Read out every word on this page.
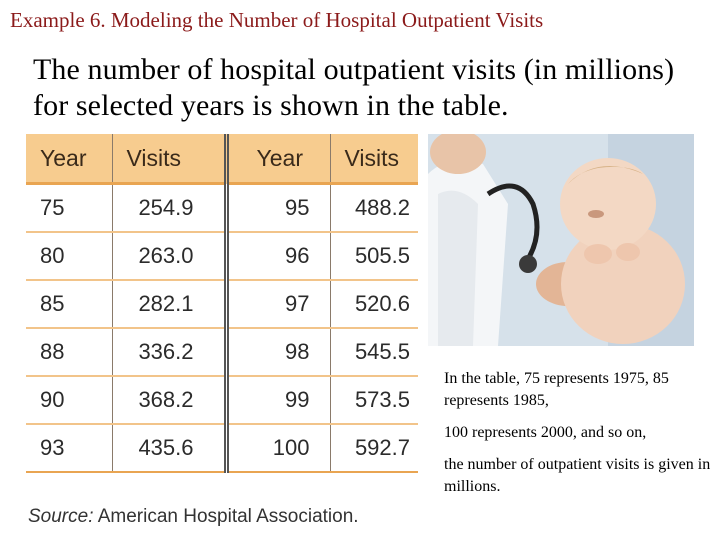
Example 6. Modeling the Number of Hospital Outpatient Visits
The number of hospital outpatient visits (in millions) for selected years is shown in the table.
Year	Visits	Year	Visits
75	254.9	95	488.2
80	263.0	96	505.5
85	282.1	97	520.6
88	336.2	98	545.5
90	368.2	99	573.5
93	435.6	100	592.7
Source: American Hospital Association.

In the table, 75 represents 1975, 85 represents 1985,

100 represents 2000, and so on,

the number of outpatient visits is given in millions.
